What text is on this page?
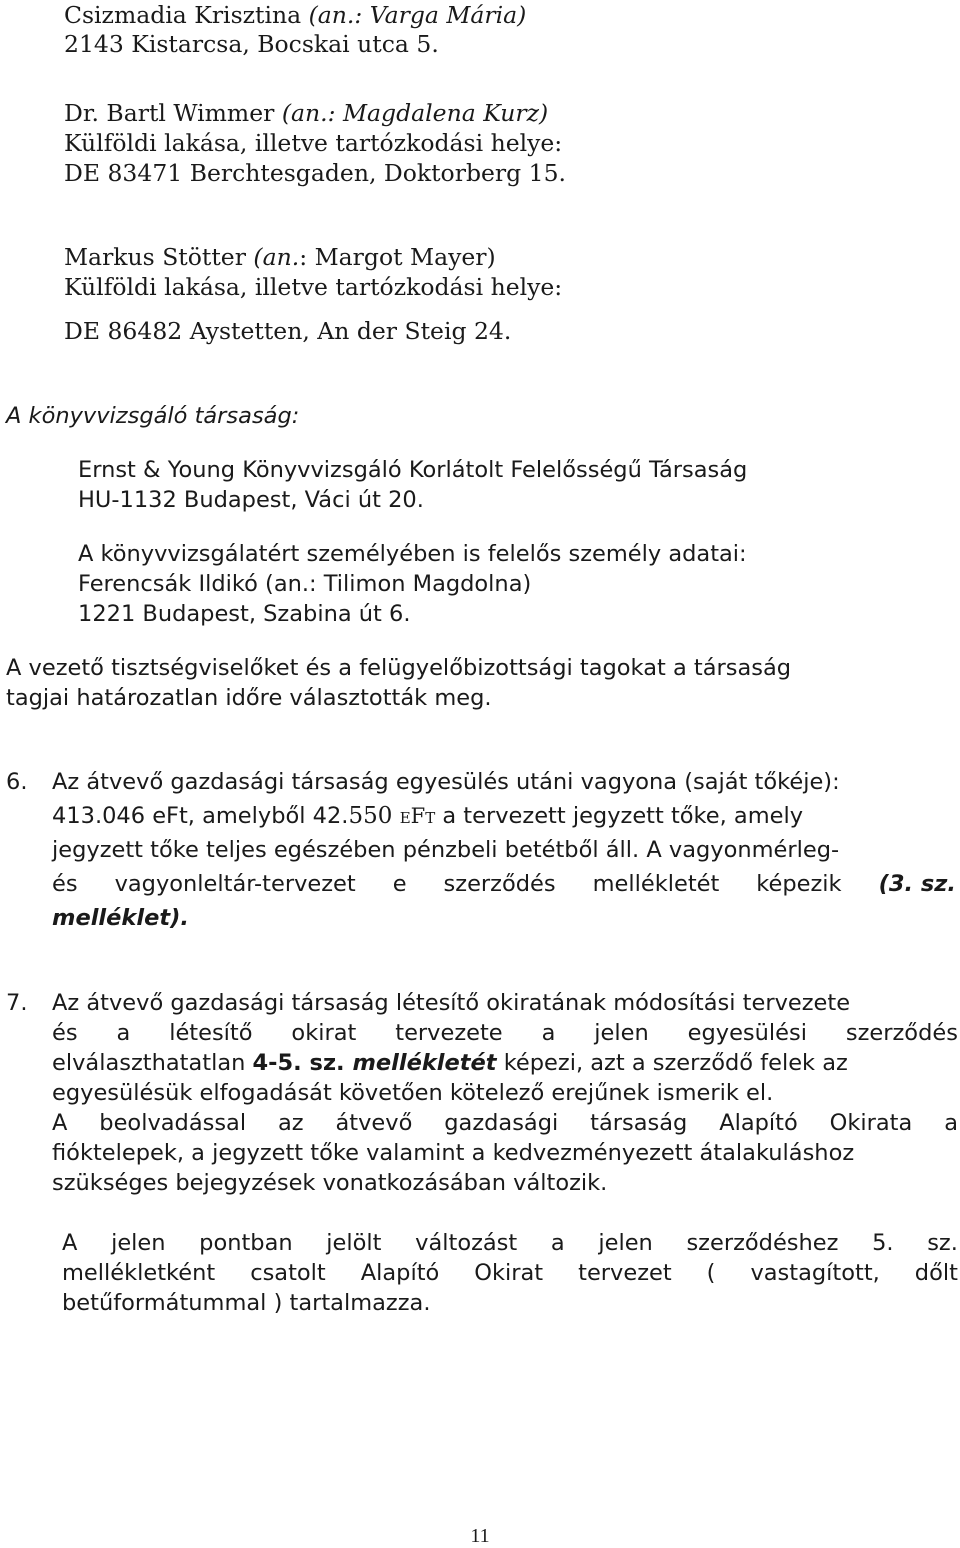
Csizmadia Krisztina (an.: Varga Mária)
2143 Kistarcsa, Bocskai utca 5.
Dr. Bartl Wimmer (an.: Magdalena Kurz)
Külföldi lakása, illetve tartózkodási helye:
DE 83471 Berchtesgaden, Doktorberg 15.
Markus Stötter (an.: Margot Mayer)
Külföldi lakása, illetve tartózkodási helye:
DE 86482 Aystetten, An der Steig 24.
A könyvvizsgáló társaság:
Ernst & Young Könyvvizsgáló Korlátolt Felelősségű Társaság
HU-1132 Budapest, Váci út 20.
A könyvvizsgálatért személyében is felelős személy adatai:
Ferencsák Ildikó (an.: Tilimon Magdolna)
1221 Budapest, Szabina út 6.
A vezető tisztségviselőket és a felügyelőbizottsági tagokat a társaság
tagjai határozatlan időre választották meg.
6. Az átvevő gazdasági társaság egyesülés utáni vagyona (saját tőkéje):
413.046 eFt, amelyből 42.550 eFt a tervezett jegyzett tőke, amely
jegyzett tőke teljes egészében pénzbeli betétből áll. A vagyonmérleg-
és vagyonleltár-tervezet e szerződés mellékletét képezik (3. sz.
melléklet).
7. Az átvevő gazdasági társaság létesítő okiratának módosítási tervezete
és a létesítő okirat tervezete a jelen egyesülési szerződés
elválaszthatatlan 4-5. sz. mellékletét képezi, azt a szerződő felek az
egyesülésük elfogadását követően kötelező erejűnek ismerik el.
A beolvadással az átvevő gazdasági társaság Alapító Okirata a
fióktelepek, a jegyzett tőke valamint a kedvezményezett átalakuláshoz
szükséges bejegyzések vonatkozásában változik.
A jelen pontban jelölt változást a jelen szerződéshez 5. sz.
mellékletként csatolt Alapító Okirat tervezet ( vastagított, dőlt
betűformátummal ) tartalmazza.
11
